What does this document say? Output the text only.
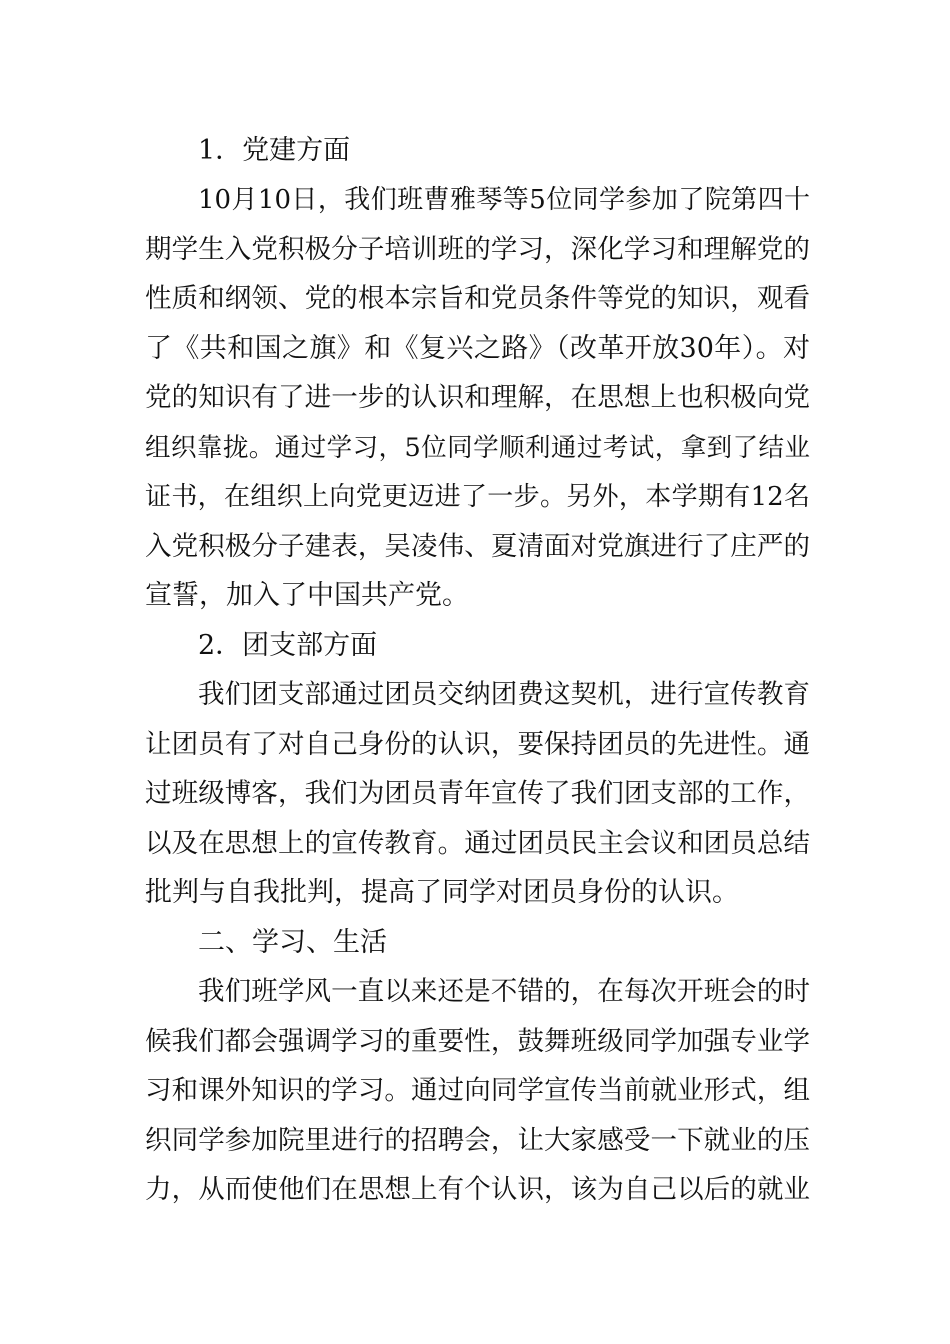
1．党建方面

10月10日，我们班曹雅琴等5位同学参加了院第四十

期学生入党积极分子培训班的学习，深化学习和理解党的

性质和纲领、党的根本宗旨和党员条件等党的知识，观看

了《共和国之旗》和《复兴之路》（改革开放30年）。对

党的知识有了进一步的认识和理解，在思想上也积极向党

组织靠拢。通过学习，5位同学顺利通过考试，拿到了结业

证书，在组织上向党更迈进了一步。另外，本学期有12名

入党积极分子建表，吴凌伟、夏清面对党旗进行了庄严的

宣誓，加入了中国共产党。

2．团支部方面

我们团支部通过团员交纳团费这契机，进行宣传教育

让团员有了对自己身份的认识，要保持团员的先进性。通

过班级博客，我们为团员青年宣传了我们团支部的工作，

以及在思想上的宣传教育。通过团员民主会议和团员总结

批判与自我批判，提高了同学对团员身份的认识。

二、学习、生活

我们班学风一直以来还是不错的，在每次开班会的时

候我们都会强调学习的重要性，鼓舞班级同学加强专业学

习和课外知识的学习。通过向同学宣传当前就业形式，组

织同学参加院里进行的招聘会，让大家感受一下就业的压

力，从而使他们在思想上有个认识，该为自己以后的就业
